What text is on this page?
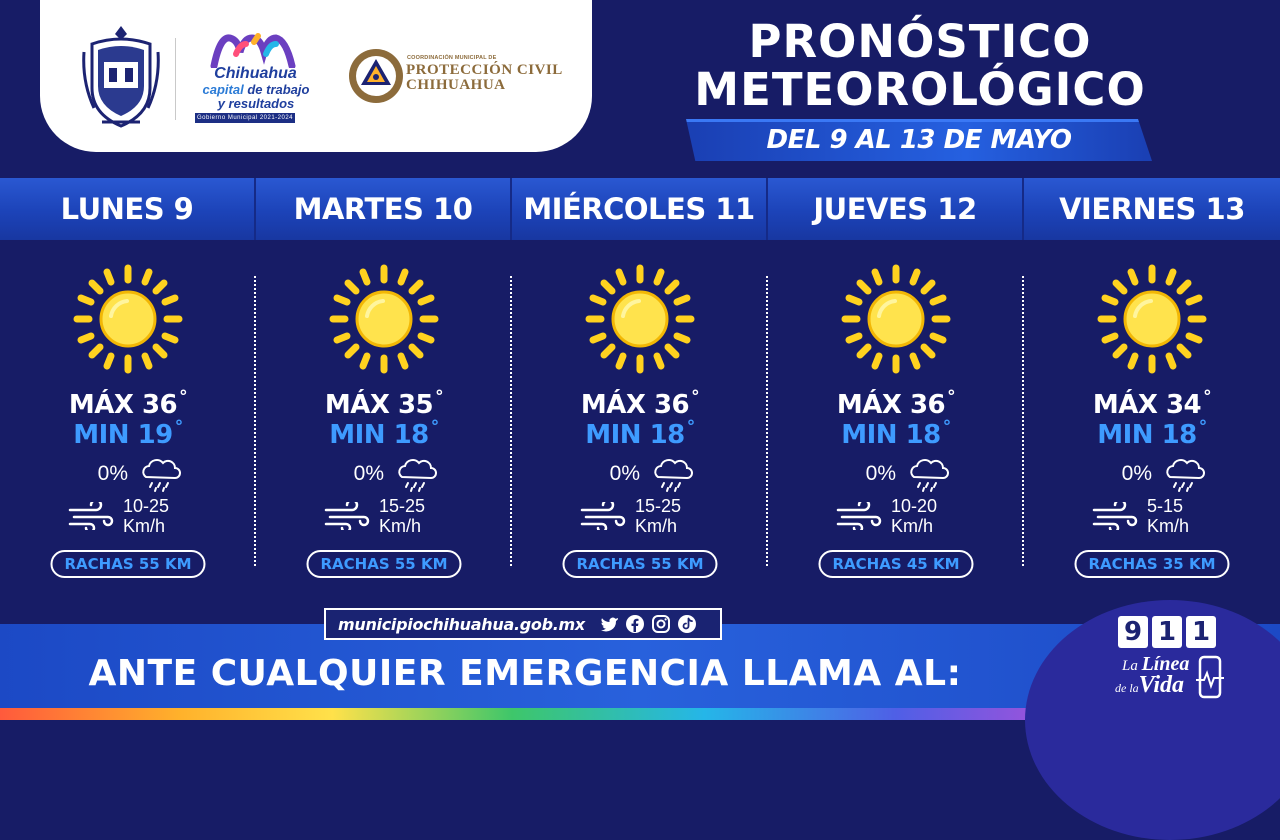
Chihuahua
capital de trabajo
y resultados
Gobierno Municipal 2021-2024
COORDINACIÓN MUNICIPAL DE
PROTECCIÓN CIVIL
CHIHUAHUA
PRONÓSTICO
METEOROLÓGICO
DEL 9 AL 13 DE MAYO
LUNES 9	MARTES 10	MIÉRCOLES 11	JUEVES 12	VIERNES 13
MÁX 36 °
MIN 19 °
0%
10-25
Km/h
RACHAS 55 KM
MÁX 35 °
MIN 18 °
0%
15-25
Km/h
RACHAS 55 KM
MÁX 36 °
MIN 18 °
0%
15-25
Km/h
RACHAS 55 KM
MÁX 36 °
MIN 18 °
0%
10-20
Km/h
RACHAS 45 KM
MÁX 34 °
MIN 18 °
0%
5-15
Km/h
RACHAS 35 KM
municipiochihuahua.gob.mx
ANTE CUALQUIER EMERGENCIA LLAMA AL:
9 1 1
La Línea
de laVida
